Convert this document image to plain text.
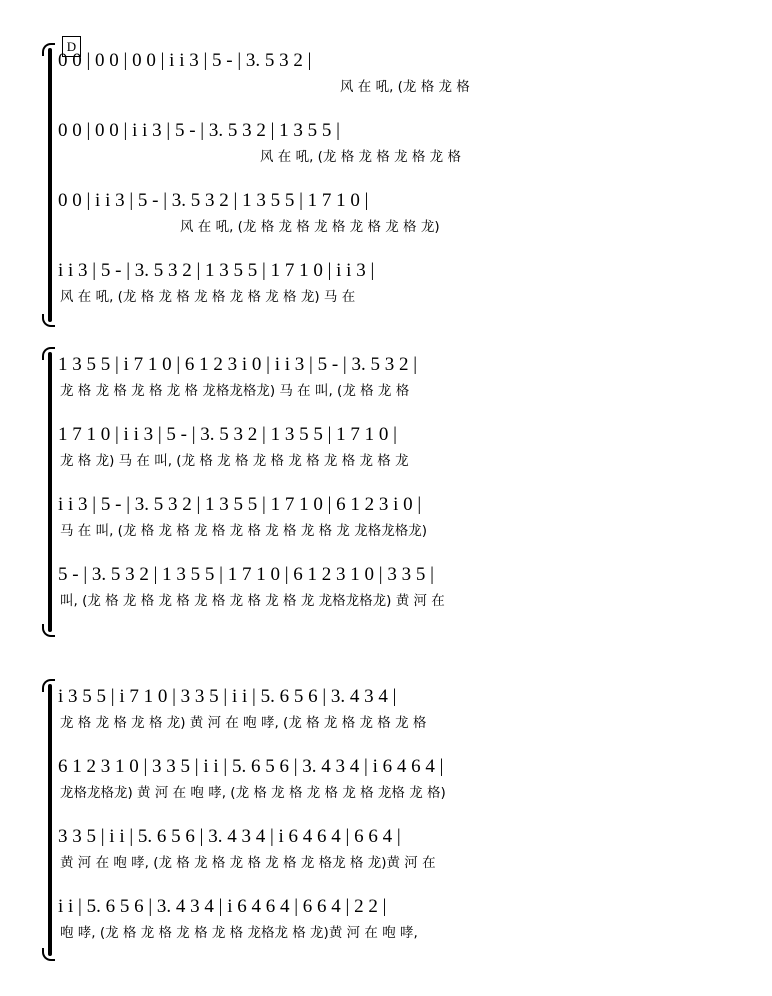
D
0 0 | 0 0 | 0 0 | i i 3 | 5 - | 3. 5 3 2 |
风 在 吼, (龙 格 龙 格
0 0 | 0 0 | i i 3 | 5 - | 3. 5 3 2 | 1 3 5 5 |
风 在 吼, (龙 格 龙 格 龙 格 龙 格
0 0 | i i 3 | 5 - | 3. 5 3 2 | 1 3 5 5 | 1 7 1 0 |
风 在 吼, (龙 格 龙 格 龙 格 龙 格 龙 格 龙)
i i 3 | 5 - | 3. 5 3 2 | 1 3 5 5 | 1 7 1 0 | i i 3 |
风 在 吼, (龙 格 龙 格 龙 格 龙 格 龙 格 龙) 马 在
1 3 5 5 | i 7 1 0 | 6 1 2 3 i 0 | i i 3 | 5 - | 3. 5 3 2 |
龙 格 龙 格 龙 格 龙 格 龙格龙格龙) 马 在 叫, (龙 格 龙 格
1 7 1 0 | i i 3 | 5 - | 3. 5 3 2 | 1 3 5 5 | 1 7 1 0 |
龙 格 龙) 马 在 叫, (龙 格 龙 格 龙 格 龙 格 龙 格 龙 格 龙
i i 3 | 5 - | 3. 5 3 2 | 1 3 5 5 | 1 7 1 0 | 6 1 2 3 i 0 |
马 在 叫, (龙 格 龙 格 龙 格 龙 格 龙 格 龙 格 龙 龙格龙格龙)
5 - | 3. 5 3 2 | 1 3 5 5 | 1 7 1 0 | 6 1 2 3 1 0 | 3 3 5 |
叫, (龙 格 龙 格 龙 格 龙 格 龙 格 龙 格 龙 龙格龙格龙) 黄 河 在
i 3 5 5 | i 7 1 0 | 3 3 5 | i i | 5. 6 5 6 | 3. 4 3 4 |
龙 格 龙 格 龙 格 龙) 黄 河 在 咆 哮, (龙 格 龙 格 龙 格 龙 格
6 1 2 3 1 0 | 3 3 5 | i i | 5. 6 5 6 | 3. 4 3 4 | i 6 4 6 4 |
龙格龙格龙) 黄 河 在 咆 哮, (龙 格 龙 格 龙 格 龙 格 龙格 龙 格)
3 3 5 | i i | 5. 6 5 6 | 3. 4 3 4 | i 6 4 6 4 | 6 6 4 |
黄 河 在 咆 哮, (龙 格 龙 格 龙 格 龙 格 龙 格龙 格 龙)黄 河 在
i i | 5. 6 5 6 | 3. 4 3 4 | i 6 4 6 4 | 6 6 4 | 2 2 |
咆 哮, (龙 格 龙 格 龙 格 龙 格 龙格龙 格 龙)黄 河 在 咆 哮,
